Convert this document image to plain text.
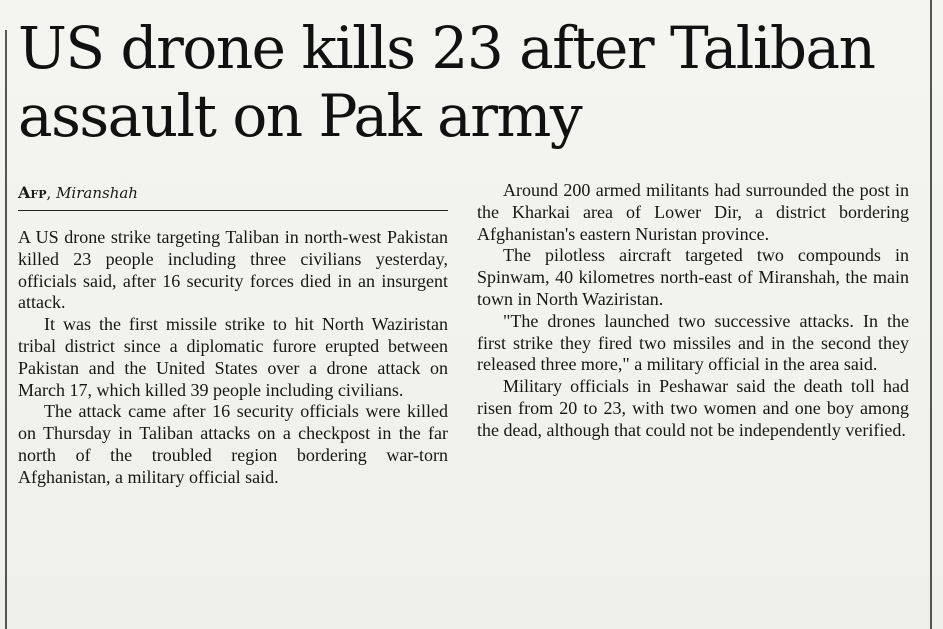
US drone kills 23 after Taliban assault on Pak army
Afp, Miranshah

A US drone strike targeting Taliban in north-west Pakistan killed 23 people including three civilians yesterday, officials said, after 16 security forces died in an insurgent attack.

It was the first missile strike to hit North Waziristan tribal district since a diplomatic furore erupted between Pakistan and the United States over a drone attack on March 17, which killed 39 people including civilians.

The attack came after 16 security officials were killed on Thursday in Taliban attacks on a checkpost in the far north of the troubled region bordering war-torn Afghanistan, a military official said.

Around 200 armed militants had surrounded the post in the Kharkai area of Lower Dir, a district bordering Afghanistan's eastern Nuristan province.

The pilotless aircraft targeted two compounds in Spinwam, 40 kilometres north-east of Miranshah, the main town in North Waziristan.

"The drones launched two successive attacks. In the first strike they fired two missiles and in the second they released three more," a military official in the area said.

Military officials in Peshawar said the death toll had risen from 20 to 23, with two women and one boy among the dead, although that could not be independently verified.
